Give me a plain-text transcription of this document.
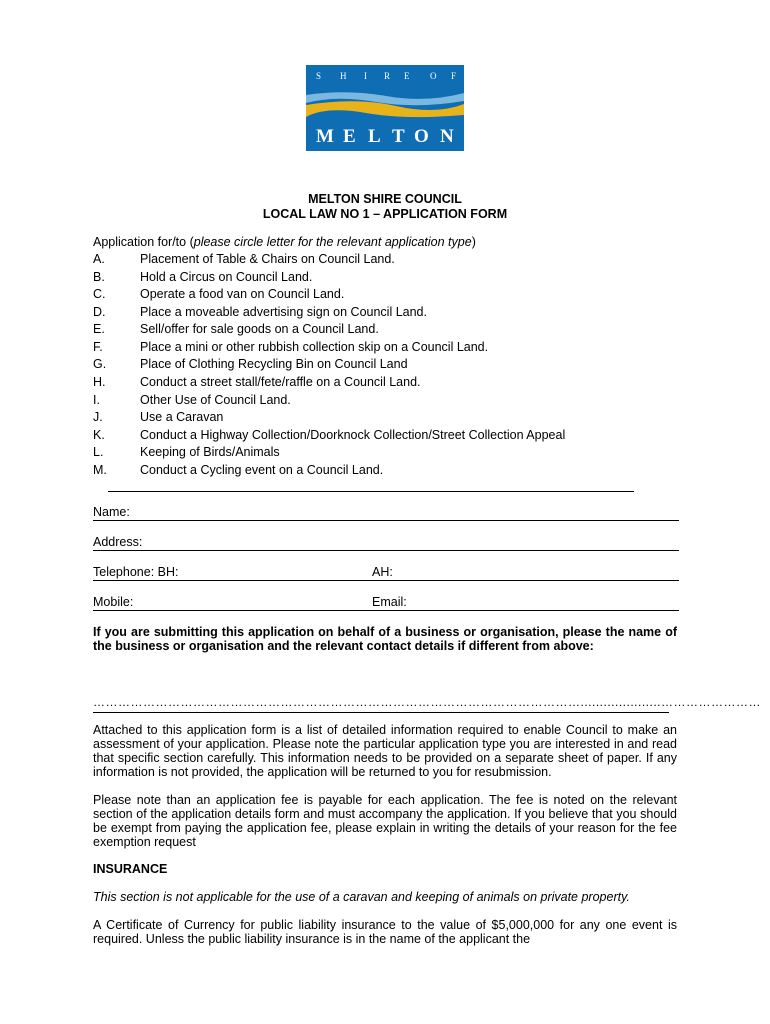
S H I R E O F
M E L T O N
MELTON SHIRE COUNCIL
LOCAL LAW NO 1 – APPLICATION FORM
Application for/to (please circle letter for the relevant application type)
A.	Placement of Table & Chairs on Council Land.
B.	Hold a Circus on Council Land.
C.	Operate a food van on Council Land.
D.	Place a moveable advertising sign on Council Land.
E.	Sell/offer for sale goods on a Council Land.
F.	Place a mini or other rubbish collection skip on a Council Land.
G.	Place of Clothing Recycling Bin on Council Land
H.	Conduct a street stall/fete/raffle on a Council Land.
I.	Other Use of Council Land.
J.	Use a Caravan
K.	Conduct a Highway Collection/Doorknock Collection/Street Collection Appeal
L.	Keeping of Birds/Animals
M.	Conduct a Cycling event on a Council Land.
Name:
Address:
Telephone: BH:	AH:
Mobile:	Email:
If you are submitting this application on behalf of a business or organisation, please the name of the business or organisation and the relevant contact details if different from above:
……………………………………………………………………………………………………….....................……………………
Attached to this application form is a list of detailed information required to enable Council to make an assessment of your application. Please note the particular application type you are interested in and read that specific section carefully. This information needs to be provided on a separate sheet of paper. If any information is not provided, the application will be returned to you for resubmission.
Please note than an application fee is payable for each application. The fee is noted on the relevant section of the application details form and must accompany the application. If you believe that you should be exempt from paying the application fee, please explain in writing the details of your reason for the fee exemption request
INSURANCE
This section is not applicable for the use of a caravan and keeping of animals on private property.
A Certificate of Currency for public liability insurance to the value of $5,000,000 for any one event is required. Unless the public liability insurance is in the name of the applicant the
